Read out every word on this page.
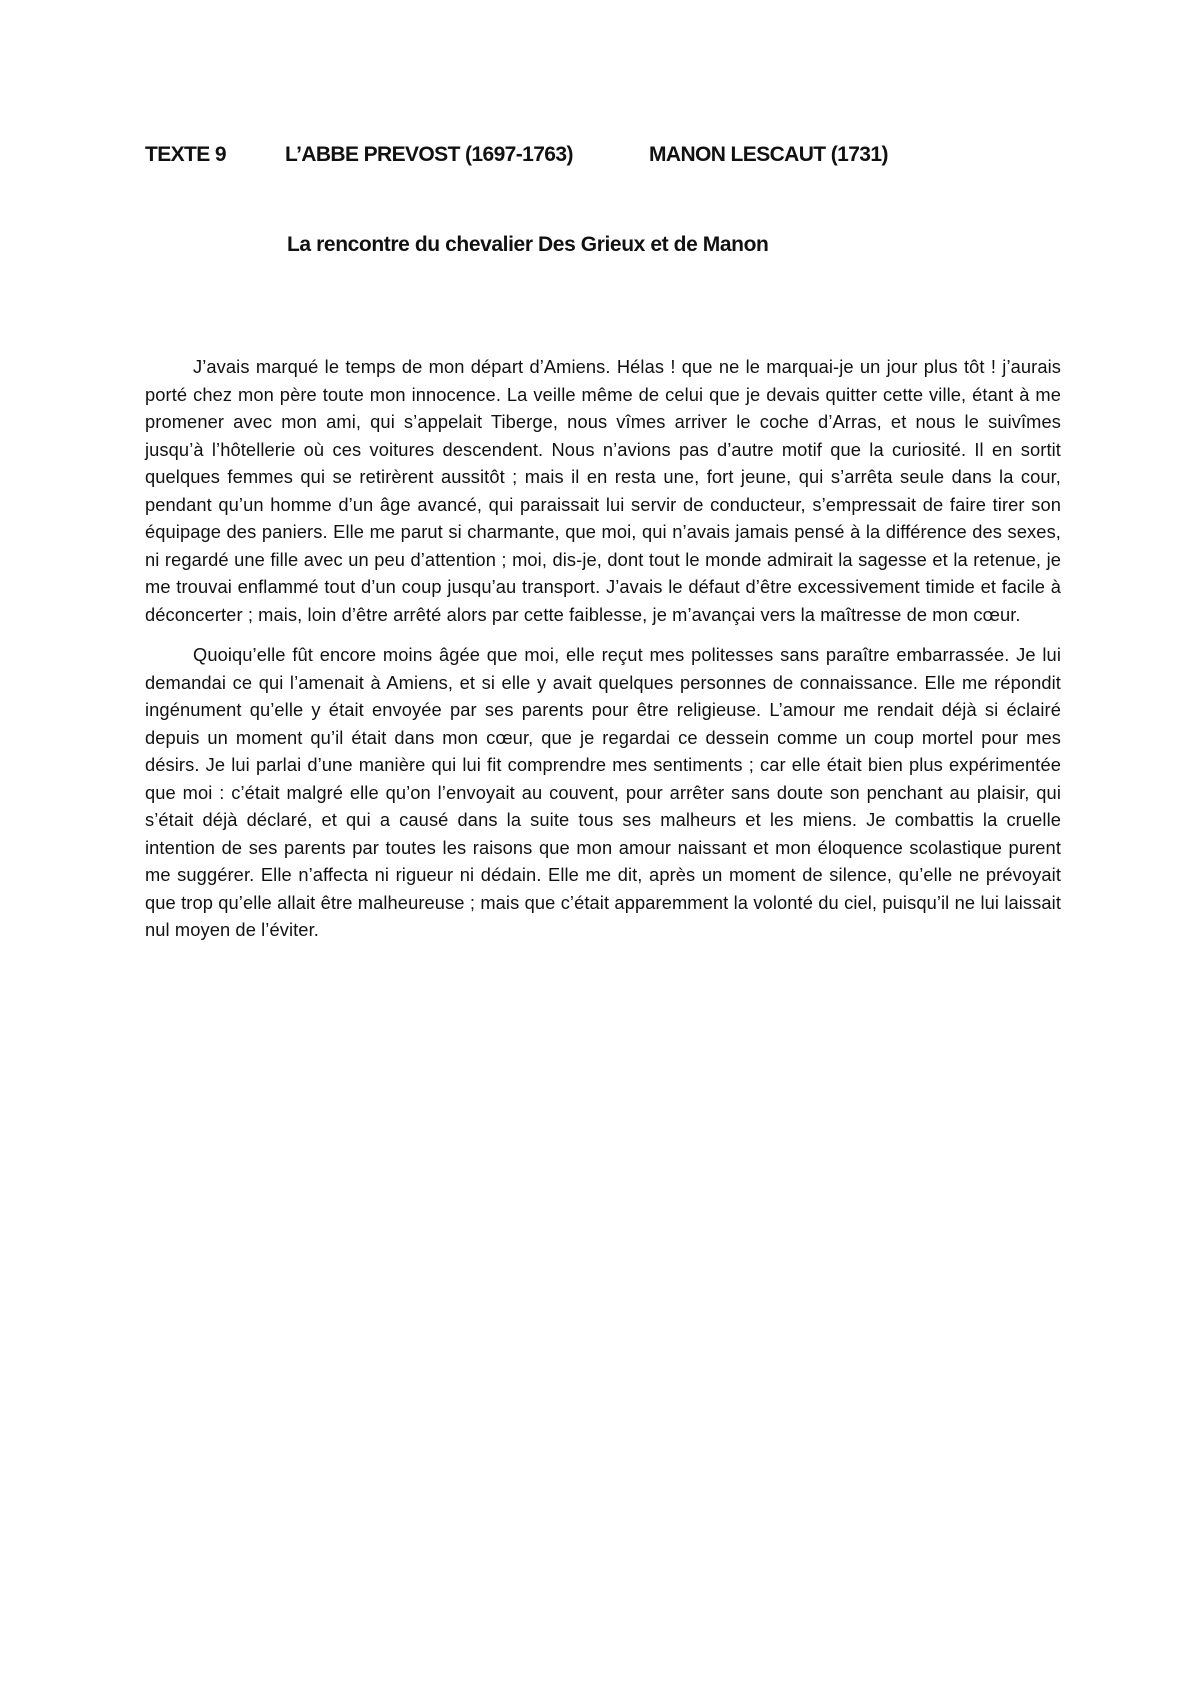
TEXTE 9	L’ABBE PREVOST (1697-1763)	MANON LESCAUT (1731)
La rencontre du chevalier Des Grieux et de Manon

J’avais marqué le temps de mon départ d’Amiens. Hélas ! que ne le marquai-je un jour plus tôt ! j’aurais porté chez mon père toute mon innocence. La veille même de celui que je devais quitter cette ville, étant à me promener avec mon ami, qui s’appelait Tiberge, nous vîmes arriver le coche d’Arras, et nous le suivîmes jusqu’à l’hôtellerie où ces voitures descendent. Nous n’avions pas d’autre motif que la curiosité. Il en sortit quelques femmes qui se retirèrent aussitôt ; mais il en resta une, fort jeune, qui s’arrêta seule dans la cour, pendant qu’un homme d’un âge avancé, qui paraissait lui servir de conducteur, s’empressait de faire tirer son équipage des paniers. Elle me parut si charmante, que moi, qui n’avais jamais pensé à la différence des sexes, ni regardé une fille avec un peu d’attention ; moi, dis-je, dont tout le monde admirait la sagesse et la retenue, je me trouvai enflammé tout d’un coup jusqu’au transport. J’avais le défaut d’être excessivement timide et facile à déconcerter ; mais, loin d’être arrêté alors par cette faiblesse, je m’avançai vers la maîtresse de mon cœur.

Quoiqu’elle fût encore moins âgée que moi, elle reçut mes politesses sans paraître embarrassée. Je lui demandai ce qui l’amenait à Amiens, et si elle y avait quelques personnes de connaissance. Elle me répondit ingénument qu’elle y était envoyée par ses parents pour être religieuse. L’amour me rendait déjà si éclairé depuis un moment qu’il était dans mon cœur, que je regardai ce dessein comme un coup mortel pour mes désirs. Je lui parlai d’une manière qui lui fit comprendre mes sentiments ; car elle était bien plus expérimentée que moi : c’était malgré elle qu’on l’envoyait au couvent, pour arrêter sans doute son penchant au plaisir, qui s’était déjà déclaré, et qui a causé dans la suite tous ses malheurs et les miens. Je combattis la cruelle intention de ses parents par toutes les raisons que mon amour naissant et mon éloquence scolastique purent me suggérer. Elle n’affecta ni rigueur ni dédain. Elle me dit, après un moment de silence, qu’elle ne prévoyait que trop qu’elle allait être malheureuse ; mais que c’était apparemment la volonté du ciel, puisqu’il ne lui laissait nul moyen de l’éviter.
